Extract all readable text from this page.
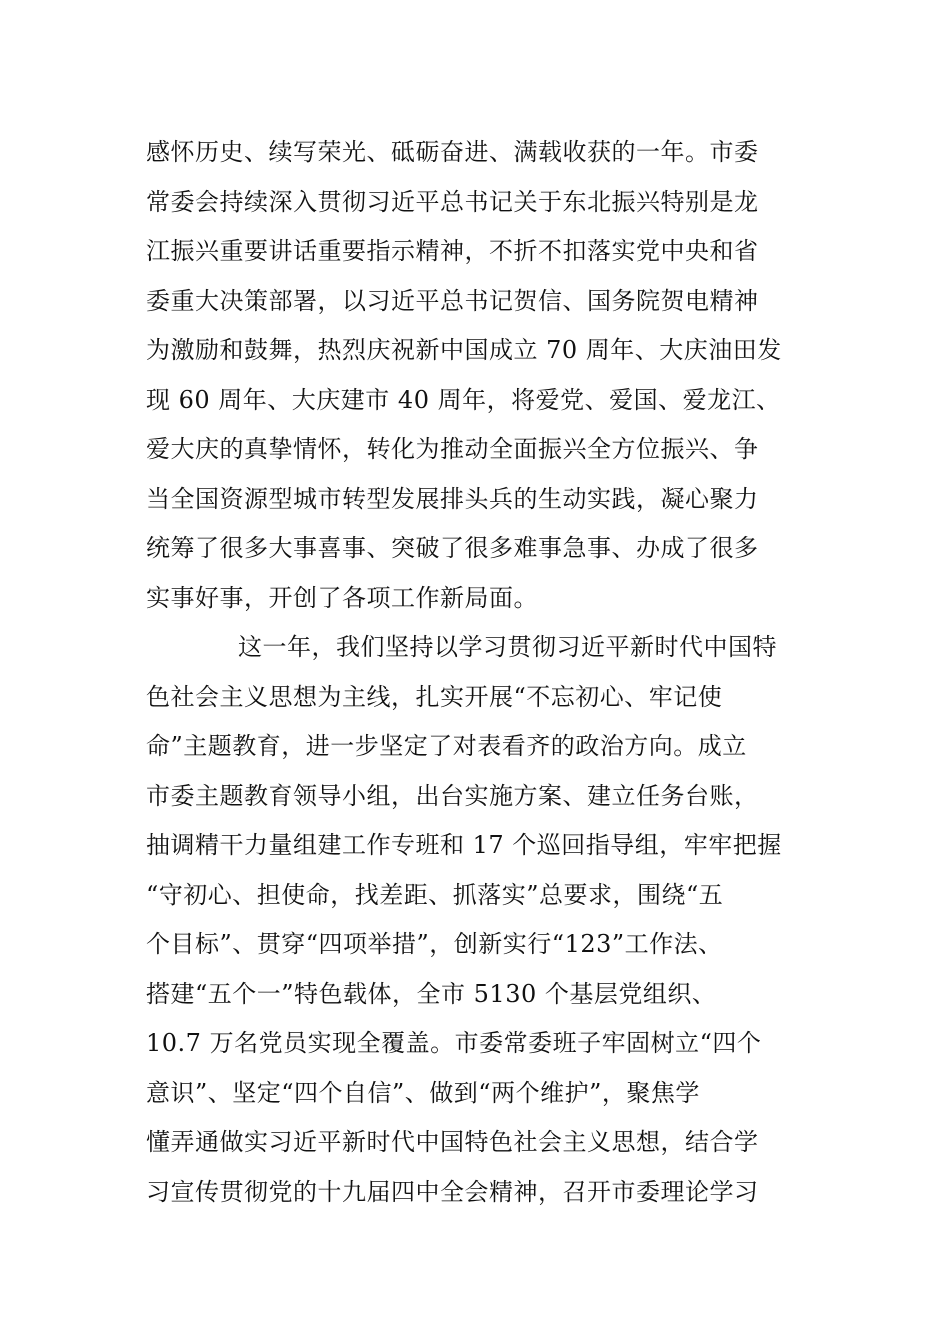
感怀历史、续写荣光、砥砺奋进、满载收获的一年。市委
常委会持续深入贯彻习近平总书记关于东北振兴特别是龙
江振兴重要讲话重要指示精神，不折不扣落实党中央和省
委重大决策部署，以习近平总书记贺信、国务院贺电精神
为激励和鼓舞，热烈庆祝新中国成立 70 周年、大庆油田发
现 60 周年、大庆建市 40 周年，将爱党、爱国、爱龙江、
爱大庆的真挚情怀，转化为推动全面振兴全方位振兴、争
当全国资源型城市转型发展排头兵的生动实践，凝心聚力
统筹了很多大事喜事、突破了很多难事急事、办成了很多
实事好事，开创了各项工作新局面。
这一年，我们坚持以学习贯彻习近平新时代中国特
色社会主义思想为主线，扎实开展“不忘初心、牢记使
命”主题教育，进一步坚定了对表看齐的政治方向。成立
市委主题教育领导小组，出台实施方案、建立任务台账，
抽调精干力量组建工作专班和 17 个巡回指导组，牢牢把握
“守初心、担使命，找差距、抓落实”总要求，围绕“五
个目标”、贯穿“四项举措”，创新实行“123”工作法、
搭建“五个一”特色载体，全市 5130 个基层党组织、
10.7 万名党员实现全覆盖。市委常委班子牢固树立“四个
意识”、坚定“四个自信”、做到“两个维护”，聚焦学
懂弄通做实习近平新时代中国特色社会主义思想，结合学
习宣传贯彻党的十九届四中全会精神，召开市委理论学习
